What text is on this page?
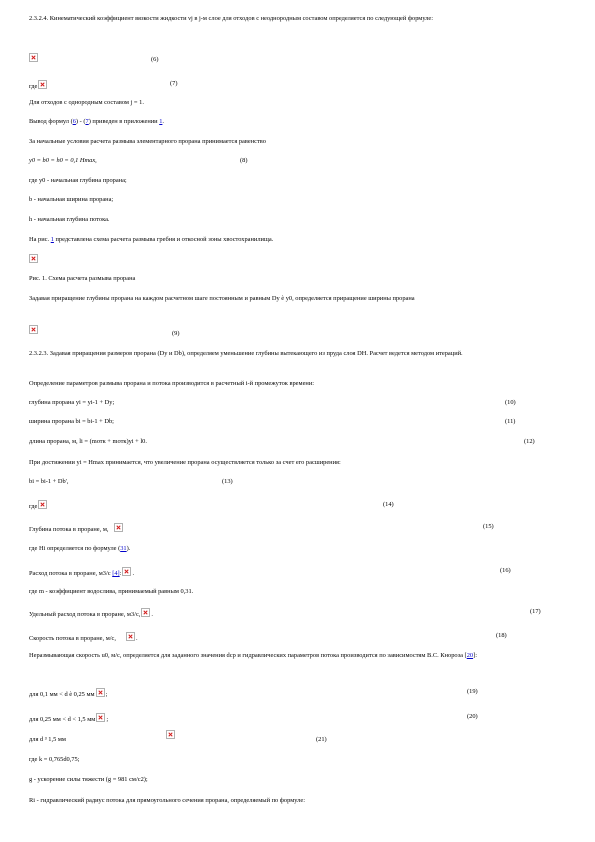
2.3.2.4. Кинематический коэффициент вязкости жидкости νj в j-м слое для отходов с неоднородным составом определяется по следующей формуле:
(6)
где	(7)
Для отходов с однородным составом j = 1.
Вывод формул (6) - (7) приведен в приложении 1.
За начальные условия расчета размыва элементарного прорана принимается равенство
y0 = b0 = h0 = 0,1 Hmax,	(8)
где y0 - начальная глубина прорана;
b - начальная ширина прорана;
h - начальная глубина потока.
На рис. 1 представлена схема расчета размыва гребня и откосной зоны хвостохранилища.
Рис. 1. Схема расчета размыва прорана
Задавая приращение глубины прорана на каждом расчетном шаге постоянным и равным Dy è y0, определяется приращение ширины прорана
(9)
2.3.2.3. Задавая приращения размеров прорана (Dy и Db), определяем уменьшение глубины вытекающего из пруда слоя DH. Расчет ведется методом итераций.
Определение параметров размыва прорана и потока производится в расчетный i-й промежуток времени:
глубина прорана yi = yi-1 + Dy;	(10)
ширина прорана bi = bi-1 + Db;	(11)
длина прорана, м, li = (mотк + mотк)yi + l0.	(12)
При достижении yi = Hmax принимается, что увеличение прорана осуществляется только за счет его расширения:
bi = bi-1 + Db',	(13)
где	(14)
Глубина потока в проране, м,	(15)
где Hi определяется по формуле (31).
Расход потока в проране, м3/с [4]: .	(16)
где m - коэффициент водослива, принимаемый равным 0,31.
Удельный расход потока в проране, м3/с, .	(17)
Скорость потока в проране, м/с,	.	(18)
Неразмывающая скорость u0, м/с, определяется для заданного значения dср и гидравлических параметров потока производится по зависимостям В.С. Кнороза [20]:
для 0,1 мм < d è 0,25 мм ;	(19)
для 0,25 мм < d < 1,5 мм ;	(20)
для d ³ 1,5 мм	(21)
где k = 0,765d0,75;
g - ускорение силы тяжести (g = 981 см/с2);
Ri - гидравлический радиус потока для прямоугольного сечения прорана, определяемый по формуле:
